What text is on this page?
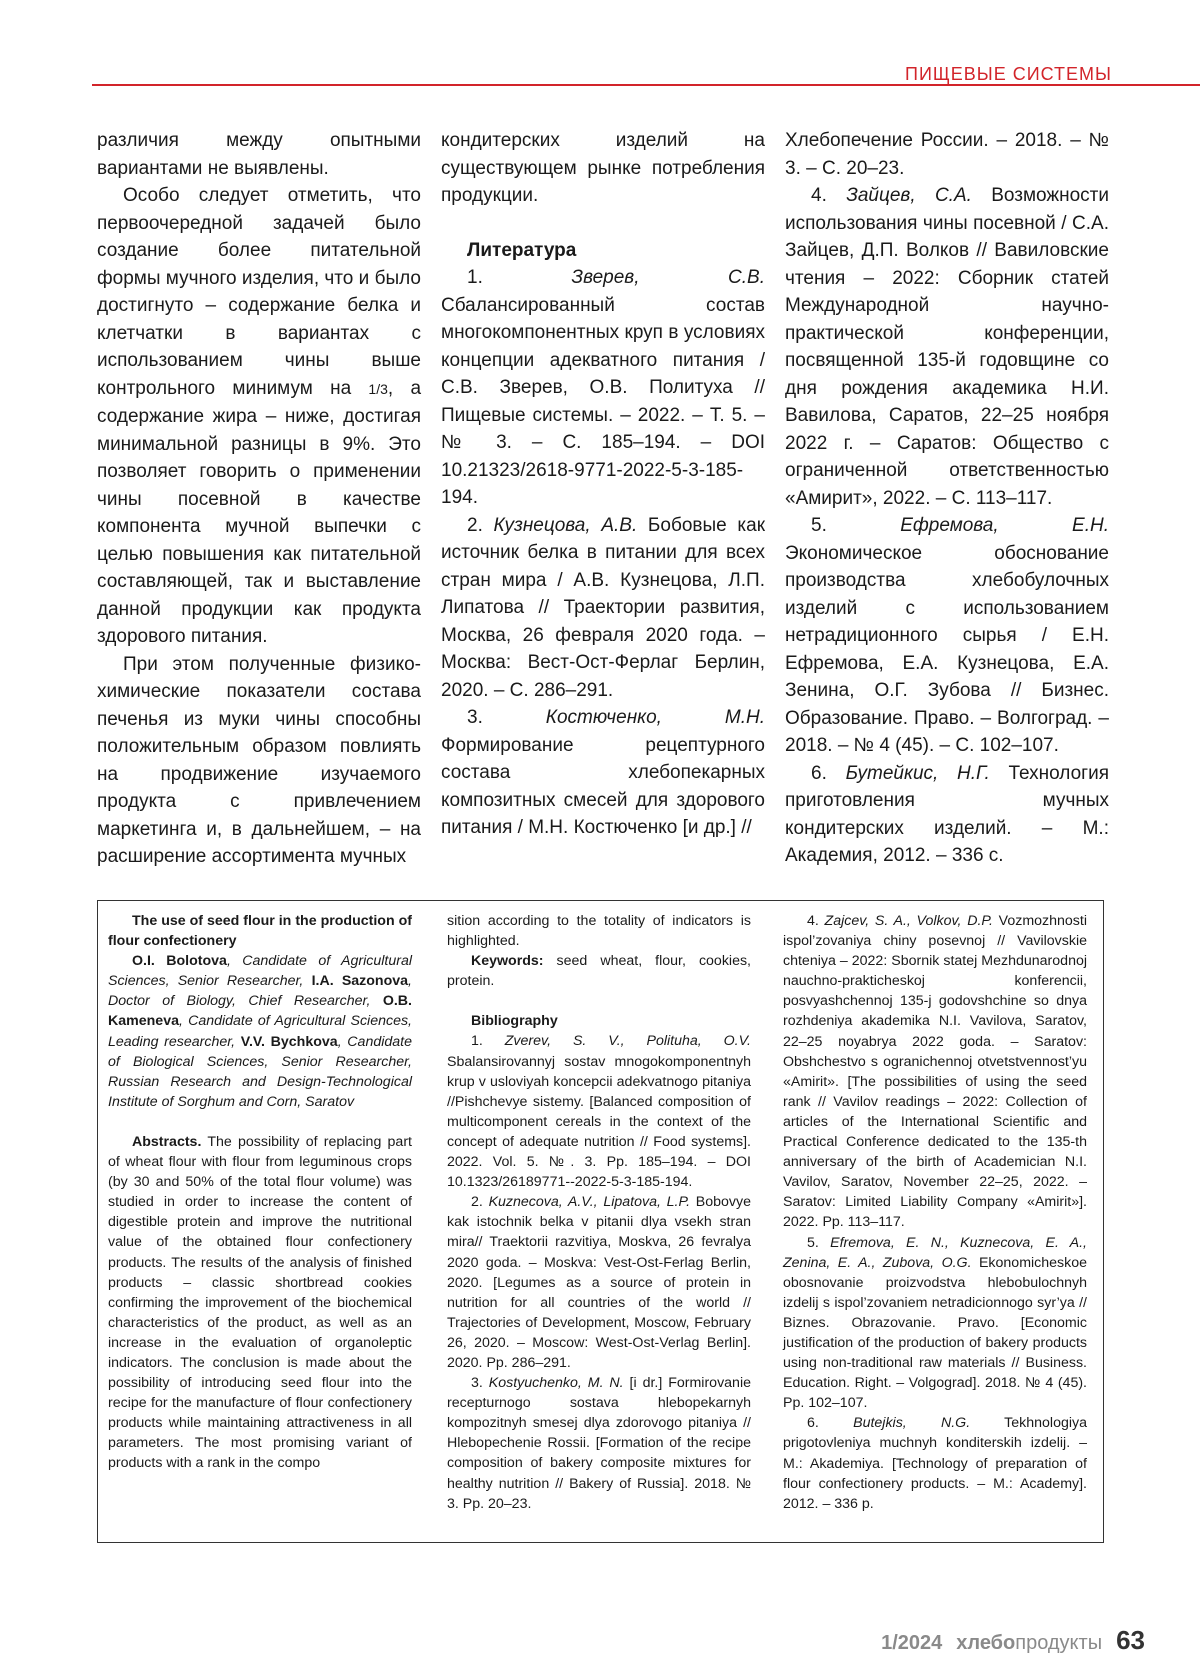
ПИЩЕВЫЕ СИСТЕМЫ

различия между опытными вариантами не выявлены.

Особо следует отметить, что первоочередной задачей было создание более питательной формы мучного изделия, что и было достигнуто – содержание белка и клетчатки в вариантах с использованием чины выше контрольного минимум на 1/3, а содержание жира – ниже, достигая минимальной разницы в 9%. Это позволяет говорить о применении чины посевной в качестве компонента мучной выпечки с целью повышения как питательной составляющей, так и выставление данной продукции как продукта здорового питания.

При этом полученные физико-химические показатели состава печенья из муки чины способны положительным образом повлиять на продвижение изучаемого продукта с привлечением маркетинга и, в дальнейшем, – на расширение ассортимента мучных

кондитерских изделий на существующем рынке потребления продукции.

Литература

1. Зверев, С.В. Сбалансированный состав многокомпонентных круп в условиях концепции адекватного питания / С.В. Зверев, О.В. Политуха // Пищевые системы. – 2022. – Т. 5. – № 3. – С. 185–194. – DOI 10.21323/2618-9771-2022-5-3-185-194.

2. Кузнецова, А.В. Бобовые как источник белка в питании для всех стран мира / А.В. Кузнецова, Л.П. Липатова // Траектории развития, Москва, 26 февраля 2020 года. – Москва: Вест-Ост-Ферлаг Берлин, 2020. – С. 286–291.

3. Костюченко, М.Н. Формирование рецептурного состава хлебопекарных композитных смесей для здорового питания / М.Н. Костюченко [и др.] //

Хлебопечение России. – 2018. – № 3. – С. 20–23.

4. Зайцев, С.А. Возможности использования чины посевной / С.А. Зайцев, Д.П. Волков // Вавиловские чтения – 2022: Сборник статей Международной научно-практической конференции, посвященной 135-й годовщине со дня рождения академика Н.И. Вавилова, Саратов, 22–25 ноября 2022 г. – Саратов: Общество с ограниченной ответственностью «Амирит», 2022. – С. 113–117.

5. Ефремова, Е.Н. Экономическое обоснование производства хлебобулочных изделий с использованием нетрадиционного сырья / Е.Н. Ефремова, Е.А. Кузнецова, Е.А. Зенина, О.Г. Зубова // Бизнес. Образование. Право. – Волгоград. – 2018. – № 4 (45). – С. 102–107.

6. Бутейкис, Н.Г. Технология приготовления мучных кондитерских изделий. – М.: Академия, 2012. – 336 с.

The use of seed flour in the production of flour confectionery

O.I. Bolotova, Candidate of Agricultural Sciences, Senior Researcher, I.A. Sazonova, Doctor of Biology, Chief Researcher, O.B. Kameneva, Candidate of Agricultural Sciences, Leading researcher, V.V. Bychkova, Candidate of Biological Sciences, Senior Researcher, Russian Research and Design-Technological Institute of Sorghum and Corn, Saratov

Abstracts. The possibility of replacing part of wheat flour with flour from leguminous crops (by 30 and 50% of the total flour volume) was studied in order to increase the content of digestible protein and improve the nutritional value of the obtained flour confectionery products. The results of the analysis of finished products – classic shortbread cookies confirming the improvement of the biochemical characteristics of the product, as well as an increase in the evaluation of organoleptic indicators. The conclusion is made about the possibility of introducing seed flour into the recipe for the manufacture of flour confectionery products while maintaining attractiveness in all parameters. The most promising variant of products with a rank in the compo

sition according to the totality of indicators is highlighted.

Keywords: seed wheat, flour, cookies, protein.

Bibliography

1. Zverev, S. V., Polituha, O.V. Sbalansirovannyj sostav mnogokomponentnyh krup v usloviyah koncepcii adekvatnogo pitaniya //Pishchevye sistemy. [Balanced composition of multicomponent cereals in the context of the concept of adequate nutrition // Food systems]. 2022. Vol. 5. №. 3. Pp. 185–194. – DOI 10.1323/26189771--2022-5-3-185-194.

2. Kuznecova, A.V., Lipatova, L.P. Bobovye kak istochnik belka v pitanii dlya vsekh stran mira// Traektorii razvitiya, Moskva, 26 fevralya 2020 goda. – Moskva: Vest-Ost-Ferlag Berlin, 2020. [Legumes as a source of protein in nutrition for all countries of the world // Trajectories of Development, Moscow, February 26, 2020. – Moscow: West-Ost-Verlag Berlin]. 2020. Pp. 286–291.

3. Kostyuchenko, M. N. [i dr.] Formirovanie recepturnogo sostava hlebopekarnyh kompozitnyh smesej dlya zdorovogo pitaniya // Hlebopechenie Rossii. [Formation of the recipe composition of bakery composite mixtures for healthy nutrition // Bakery of Russia]. 2018. № 3. Pp. 20–23.

4. Zajcev, S. A., Volkov, D.P. Vozmozhnosti ispol’zovaniya chiny posevnoj // Vavilovskie chteniya – 2022: Sbornik statej Mezhdunarodnoj nauchno-prakticheskoj konferencii, posvyashchennoj 135-j godovshchine so dnya rozhdeniya akademika N.I. Vavilova, Saratov, 22–25 noyabrya 2022 goda. – Saratov: Obshchestvo s ogranichennoj otvetstvennost’yu «Amirit». [The possibilities of using the seed rank // Vavilov readings – 2022: Collection of articles of the International Scientific and Practical Conference dedicated to the 135-th anniversary of the birth of Academician N.I. Vavilov, Saratov, November 22–25, 2022. – Saratov: Limited Liability Company «Amirit»]. 2022. Pp. 113–117.

5. Efremova, E. N., Kuznecova, E. A., Zenina, E. A., Zubova, O.G. Ekonomicheskoe obosnovanie proizvodstva hlebobulochnyh izdelij s ispol’zovaniem netradicionnogo syr’ya // Biznes. Obrazovanie. Pravo. [Economic justification of the production of bakery products using non-traditional raw materials // Business. Education. Right. – Volgograd]. 2018. № 4 (45). Pp. 102–107.

6. Butejkis, N.G. Tekhnologiya prigotovleniya muchnyh konditerskih izdelij. – M.: Akademiya. [Technology of preparation of flour confectionery products. – M.: Academy]. 2012. – 336 p.

1/2024 хлебопродукты 63
